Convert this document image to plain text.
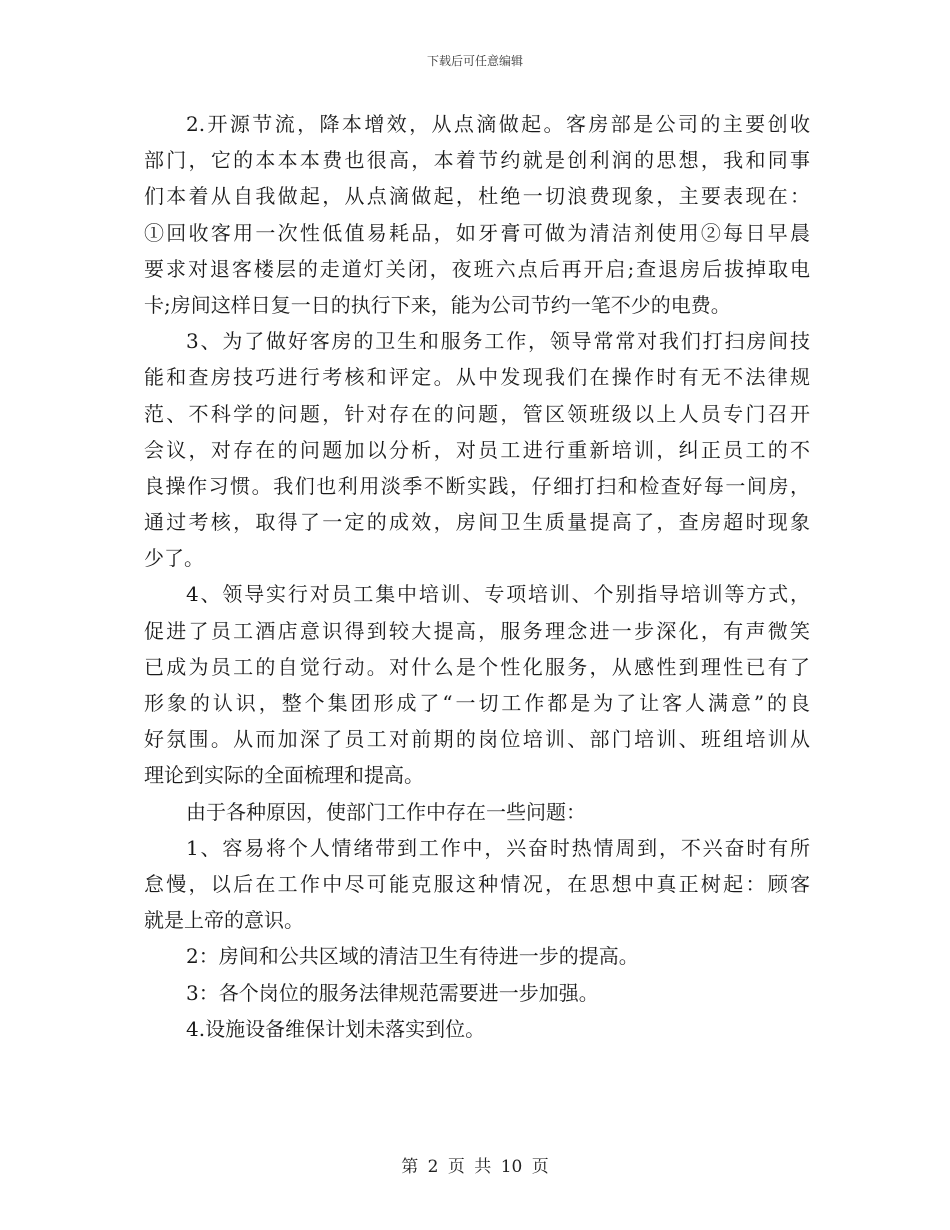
下载后可任意编辑
2.开源节流，降本增效，从点滴做起。客房部是公司的主要创收
部门，它的本本本费也很高，本着节约就是创利润的思想，我和同事
们本着从自我做起，从点滴做起，杜绝一切浪费现象，主要表现在：
①回收客用一次性低值易耗品，如牙膏可做为清洁剂使用②每日早晨
要求对退客楼层的走道灯关闭，夜班六点后再开启;查退房后拔掉取电
卡;房间这样日复一日的执行下来，能为公司节约一笔不少的电费。
3、为了做好客房的卫生和服务工作，领导常常对我们打扫房间技
能和查房技巧进行考核和评定。从中发现我们在操作时有无不法律规
范、不科学的问题，针对存在的问题，管区领班级以上人员专门召开
会议，对存在的问题加以分析，对员工进行重新培训，纠正员工的不
良操作习惯。我们也利用淡季不断实践，仔细打扫和检查好每一间房，
通过考核，取得了一定的成效，房间卫生质量提高了，查房超时现象
少了。
4、领导实行对员工集中培训、专项培训、个别指导培训等方式，
促进了员工酒店意识得到较大提高，服务理念进一步深化，有声微笑
已成为员工的自觉行动。对什么是个性化服务，从感性到理性已有了
形象的认识，整个集团形成了“一切工作都是为了让客人满意”的良
好氛围。从而加深了员工对前期的岗位培训、部门培训、班组培训从
理论到实际的全面梳理和提高。
由于各种原因，使部门工作中存在一些问题：
1、容易将个人情绪带到工作中，兴奋时热情周到，不兴奋时有所
怠慢，以后在工作中尽可能克服这种情况，在思想中真正树起：顾客
就是上帝的意识。
2：房间和公共区域的清洁卫生有待进一步的提高。
3：各个岗位的服务法律规范需要进一步加强。
4.设施设备维保计划未落实到位。
第 2 页 共 10 页
